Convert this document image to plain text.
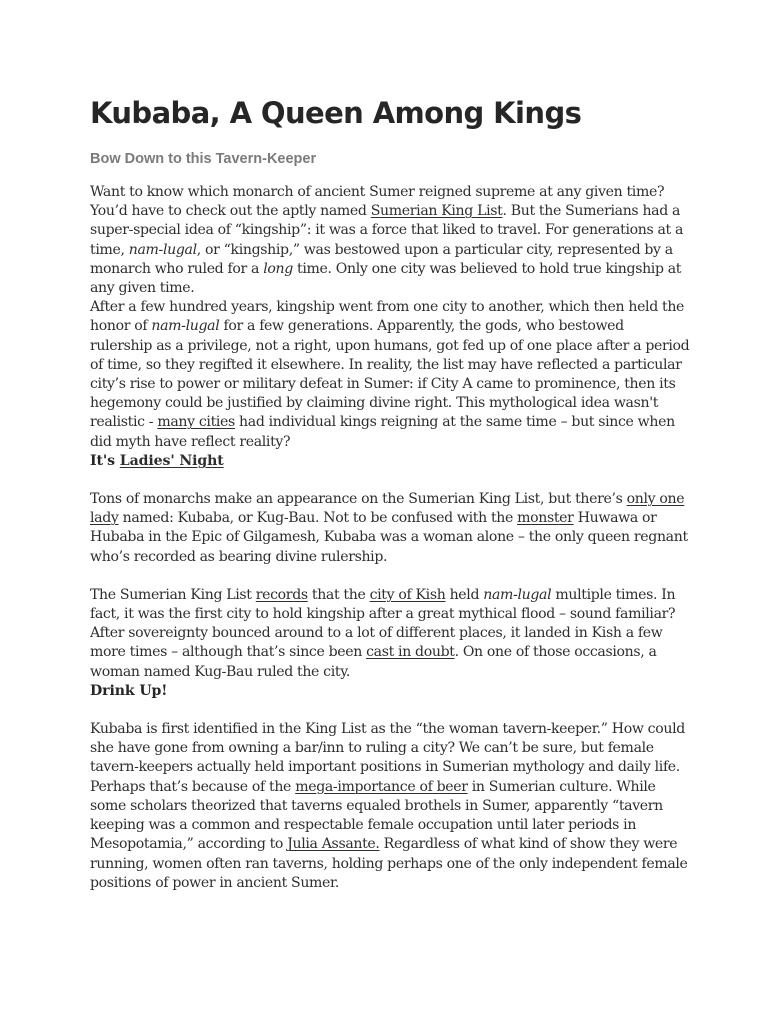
Kubaba, A Queen Among Kings
Bow Down to this Tavern-Keeper

Want to know which monarch of ancient Sumer reigned supreme at any given time? You’d have to check out the aptly named Sumerian King List. But the Sumerians had a super-special idea of “kingship”: it was a force that liked to travel. For generations at a time, nam-lugal, or “kingship,” was bestowed upon a particular city, represented by a monarch who ruled for a long time. Only one city was believed to hold true kingship at any given time.

After a few hundred years, kingship went from one city to another, which then held the honor of nam-lugal for a few generations. Apparently, the gods, who bestowed rulership as a privilege, not a right, upon humans, got fed up of one place after a period of time, so they regifted it elsewhere. In reality, the list may have reflected a particular city’s rise to power or military defeat in Sumer: if City A came to prominence, then its hegemony could be justified by claiming divine right. This mythological idea wasn't realistic - many cities had individual kings reigning at the same time – but since when did myth have reflect reality?

It's Ladies' Night

Tons of monarchs make an appearance on the Sumerian King List, but there’s only one lady named: Kubaba, or Kug-Bau. Not to be confused with the monster Huwawa or Hubaba in the Epic of Gilgamesh, Kubaba was a woman alone – the only queen regnant who’s recorded as bearing divine rulership.

The Sumerian King List records that the city of Kish held nam-lugal multiple times. In fact, it was the first city to hold kingship after a great mythical flood – sound familiar? After sovereignty bounced around to a lot of different places, it landed in Kish a few more times – although that’s since been cast in doubt. On one of those occasions, a woman named Kug-Bau ruled the city.

Drink Up!

Kubaba is first identified in the King List as the “the woman tavern-keeper.” How could she have gone from owning a bar/inn to ruling a city? We can’t be sure, but female tavern-keepers actually held important positions in Sumerian mythology and daily life. Perhaps that’s because of the mega-importance of beer in Sumerian culture. While some scholars theorized that taverns equaled brothels in Sumer, apparently “tavern keeping was a common and respectable female occupation until later periods in Mesopotamia,” according to Julia Assante. Regardless of what kind of show they were running, women often ran taverns, holding perhaps one of the only independent female positions of power in ancient Sumer.
